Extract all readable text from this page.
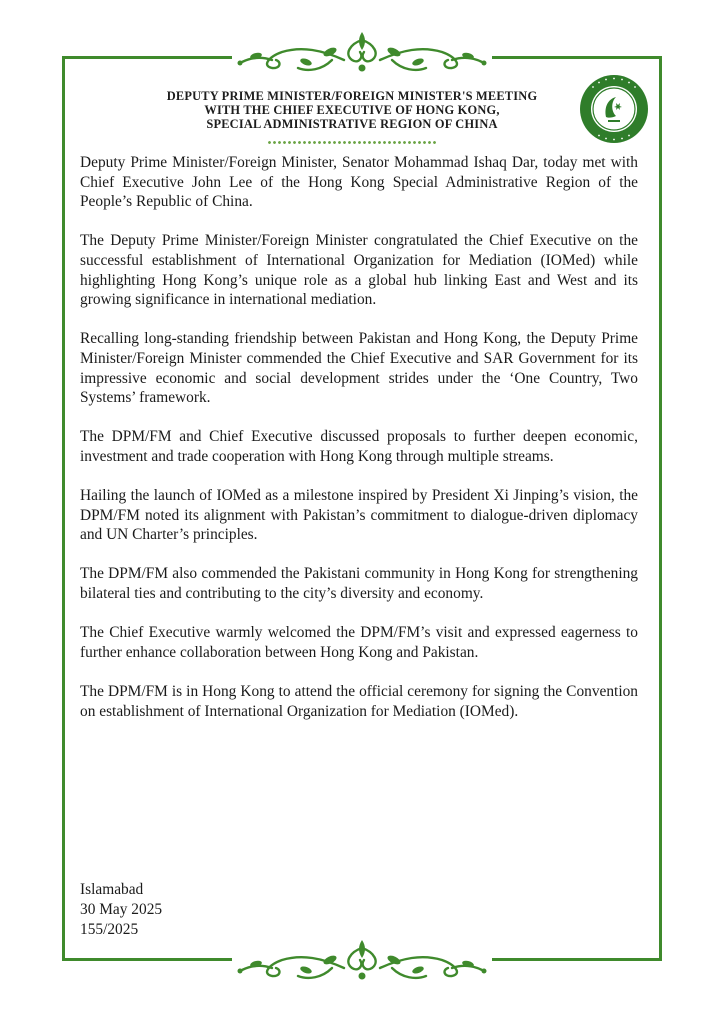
DEPUTY PRIME MINISTER/FOREIGN MINISTER'S MEETING
WITH THE CHIEF EXECUTIVE OF HONG KONG,
SPECIAL ADMINISTRATIVE REGION OF CHINA

Deputy Prime Minister/Foreign Minister, Senator Mohammad Ishaq Dar, today met with Chief Executive John Lee of the Hong Kong Special Administrative Region of the People’s Republic of China.

The Deputy Prime Minister/Foreign Minister congratulated the Chief Executive on the successful establishment of International Organization for Mediation (IOMed) while highlighting Hong Kong’s unique role as a global hub linking East and West and its growing significance in international mediation.

Recalling long-standing friendship between Pakistan and Hong Kong, the Deputy Prime Minister/Foreign Minister commended the Chief Executive and SAR Government for its impressive economic and social development strides under the ‘One Country, Two Systems’ framework.

The DPM/FM and Chief Executive discussed proposals to further deepen economic, investment and trade cooperation with Hong Kong through multiple streams.

Hailing the launch of IOMed as a milestone inspired by President Xi Jinping’s vision, the DPM/FM noted its alignment with Pakistan’s commitment to dialogue-driven diplomacy and UN Charter’s principles.

The DPM/FM also commended the Pakistani community in Hong Kong for strengthening bilateral ties and contributing to the city’s diversity and economy.

The Chief Executive warmly welcomed the DPM/FM’s visit and expressed eagerness to further enhance collaboration between Hong Kong and Pakistan.

The DPM/FM is in Hong Kong to attend the official ceremony for signing the Convention on establishment of International Organization for Mediation (IOMed).

Islamabad
30 May 2025
155/2025
